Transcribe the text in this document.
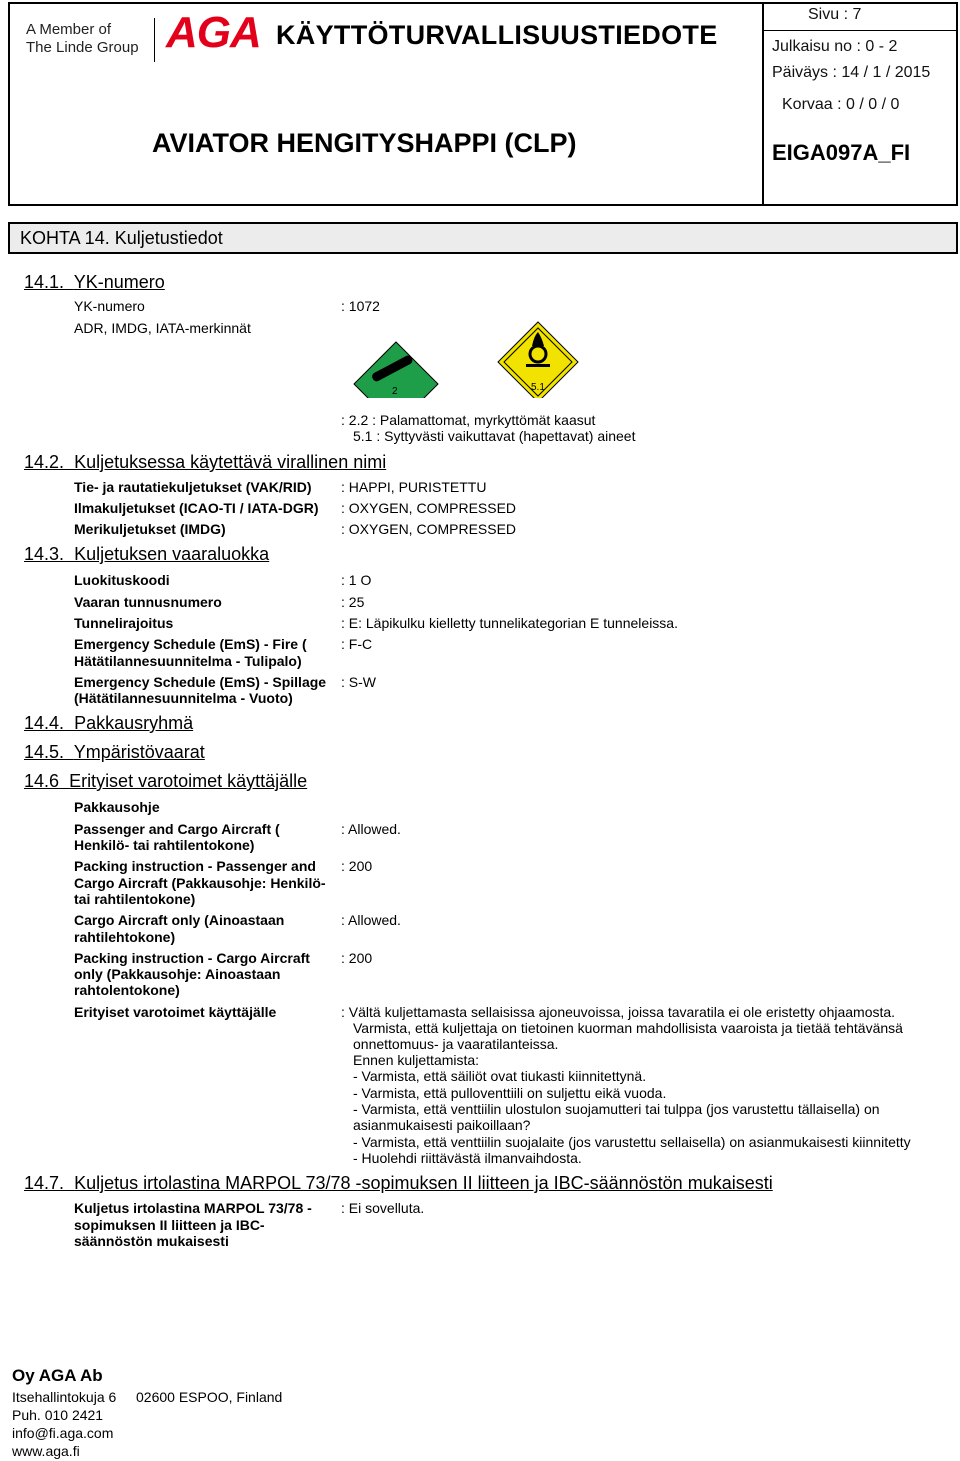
A Member of
The Linde Group AGA KÄYTTÖTURVALLISUUSTIEDOTE
AVIATOR HENGITYSHAPPI (CLP)
Sivu : 7
Julkaisu no : 0 - 2
Päiväys : 14 / 1 / 2015
Korvaa : 0 / 0 / 0
EIGA097A_FI
KOHTA 14. Kuljetustiedot
14.1. YK-numero
YK-numero	: 1072
ADR, IMDG, IATA-merkinnät
2	5.1
: 2.2 : Palamattomat, myrkyttömät kaasut
5.1 : Syttyvästi vaikuttavat (hapettavat) aineet
14.2. Kuljetuksessa käytettävä virallinen nimi
Tie- ja rautatiekuljetukset (VAK/RID) : HAPPI, PURISTETTU
Ilmakuljetukset (ICAO-TI / IATA-DGR) : OXYGEN, COMPRESSED
Merikuljetukset (IMDG)	: OXYGEN, COMPRESSED
14.3. Kuljetuksen vaaraluokka
Luokituskoodi	: 1 O
Vaaran tunnusnumero	: 25
Tunnelirajoitus	: E: Läpikulku kielletty tunnelikategorian E tunneleissa.
Emergency Schedule (EmS) - Fire (
Hätätilannesuunnitelma - Tulipalo)
: F-C
Emergency Schedule (EmS) - Spillage
(Hätätilannesuunnitelma - Vuoto)
: S-W
14.4. Pakkausryhmä
14.5. Ympäristövaarat
14.6 Erityiset varotoimet käyttäjälle
Pakkausohje
Passenger and Cargo Aircraft (
Henkilö- tai rahtilentokone)
: Allowed.
Packing instruction - Passenger and
Cargo Aircraft (Pakkausohje: Henkilö-
tai rahtilentokone)
: 200
Cargo Aircraft only (Ainoastaan
rahtilehtokone)
: Allowed.
Packing instruction - Cargo Aircraft
only (Pakkausohje: Ainoastaan
rahtolentokone)
: 200
Erityiset varotoimet käyttäjälle	: Vältä kuljettamasta sellaisissa ajoneuvoissa, joissa tavaratila ei ole eristetty ohjaamosta.
Varmista, että kuljettaja on tietoinen kuorman mahdollisista vaaroista ja tietää tehtävänsä
onnettomuus- ja vaaratilanteissa.
Ennen kuljettamista:
- Varmista, että säiliöt ovat tiukasti kiinnitettynä.
- Varmista, että pulloventtiili on suljettu eikä vuoda.
- Varmista, että venttiilin ulostulon suojamutteri tai tulppa (jos varustettu tällaisella) on
asianmukaisesti paikoillaan?
- Varmista, että venttiilin suojalaite (jos varustettu sellaisella) on asianmukaisesti kiinnitetty
- Huolehdi riittävästä ilmanvaihdosta.
14.7. Kuljetus irtolastina MARPOL 73/78 -sopimuksen II liitteen ja IBC-säännöstön mukaisesti
Kuljetus irtolastina MARPOL 73/78 -
sopimuksen II liitteen ja IBC-
säännöstön mukaisesti
: Ei sovelluta.
Oy AGA Ab
Itsehallintokuja 6 02600 ESPOO, Finland
Puh. 010 2421
info@fi.aga.com
www.aga.fi
